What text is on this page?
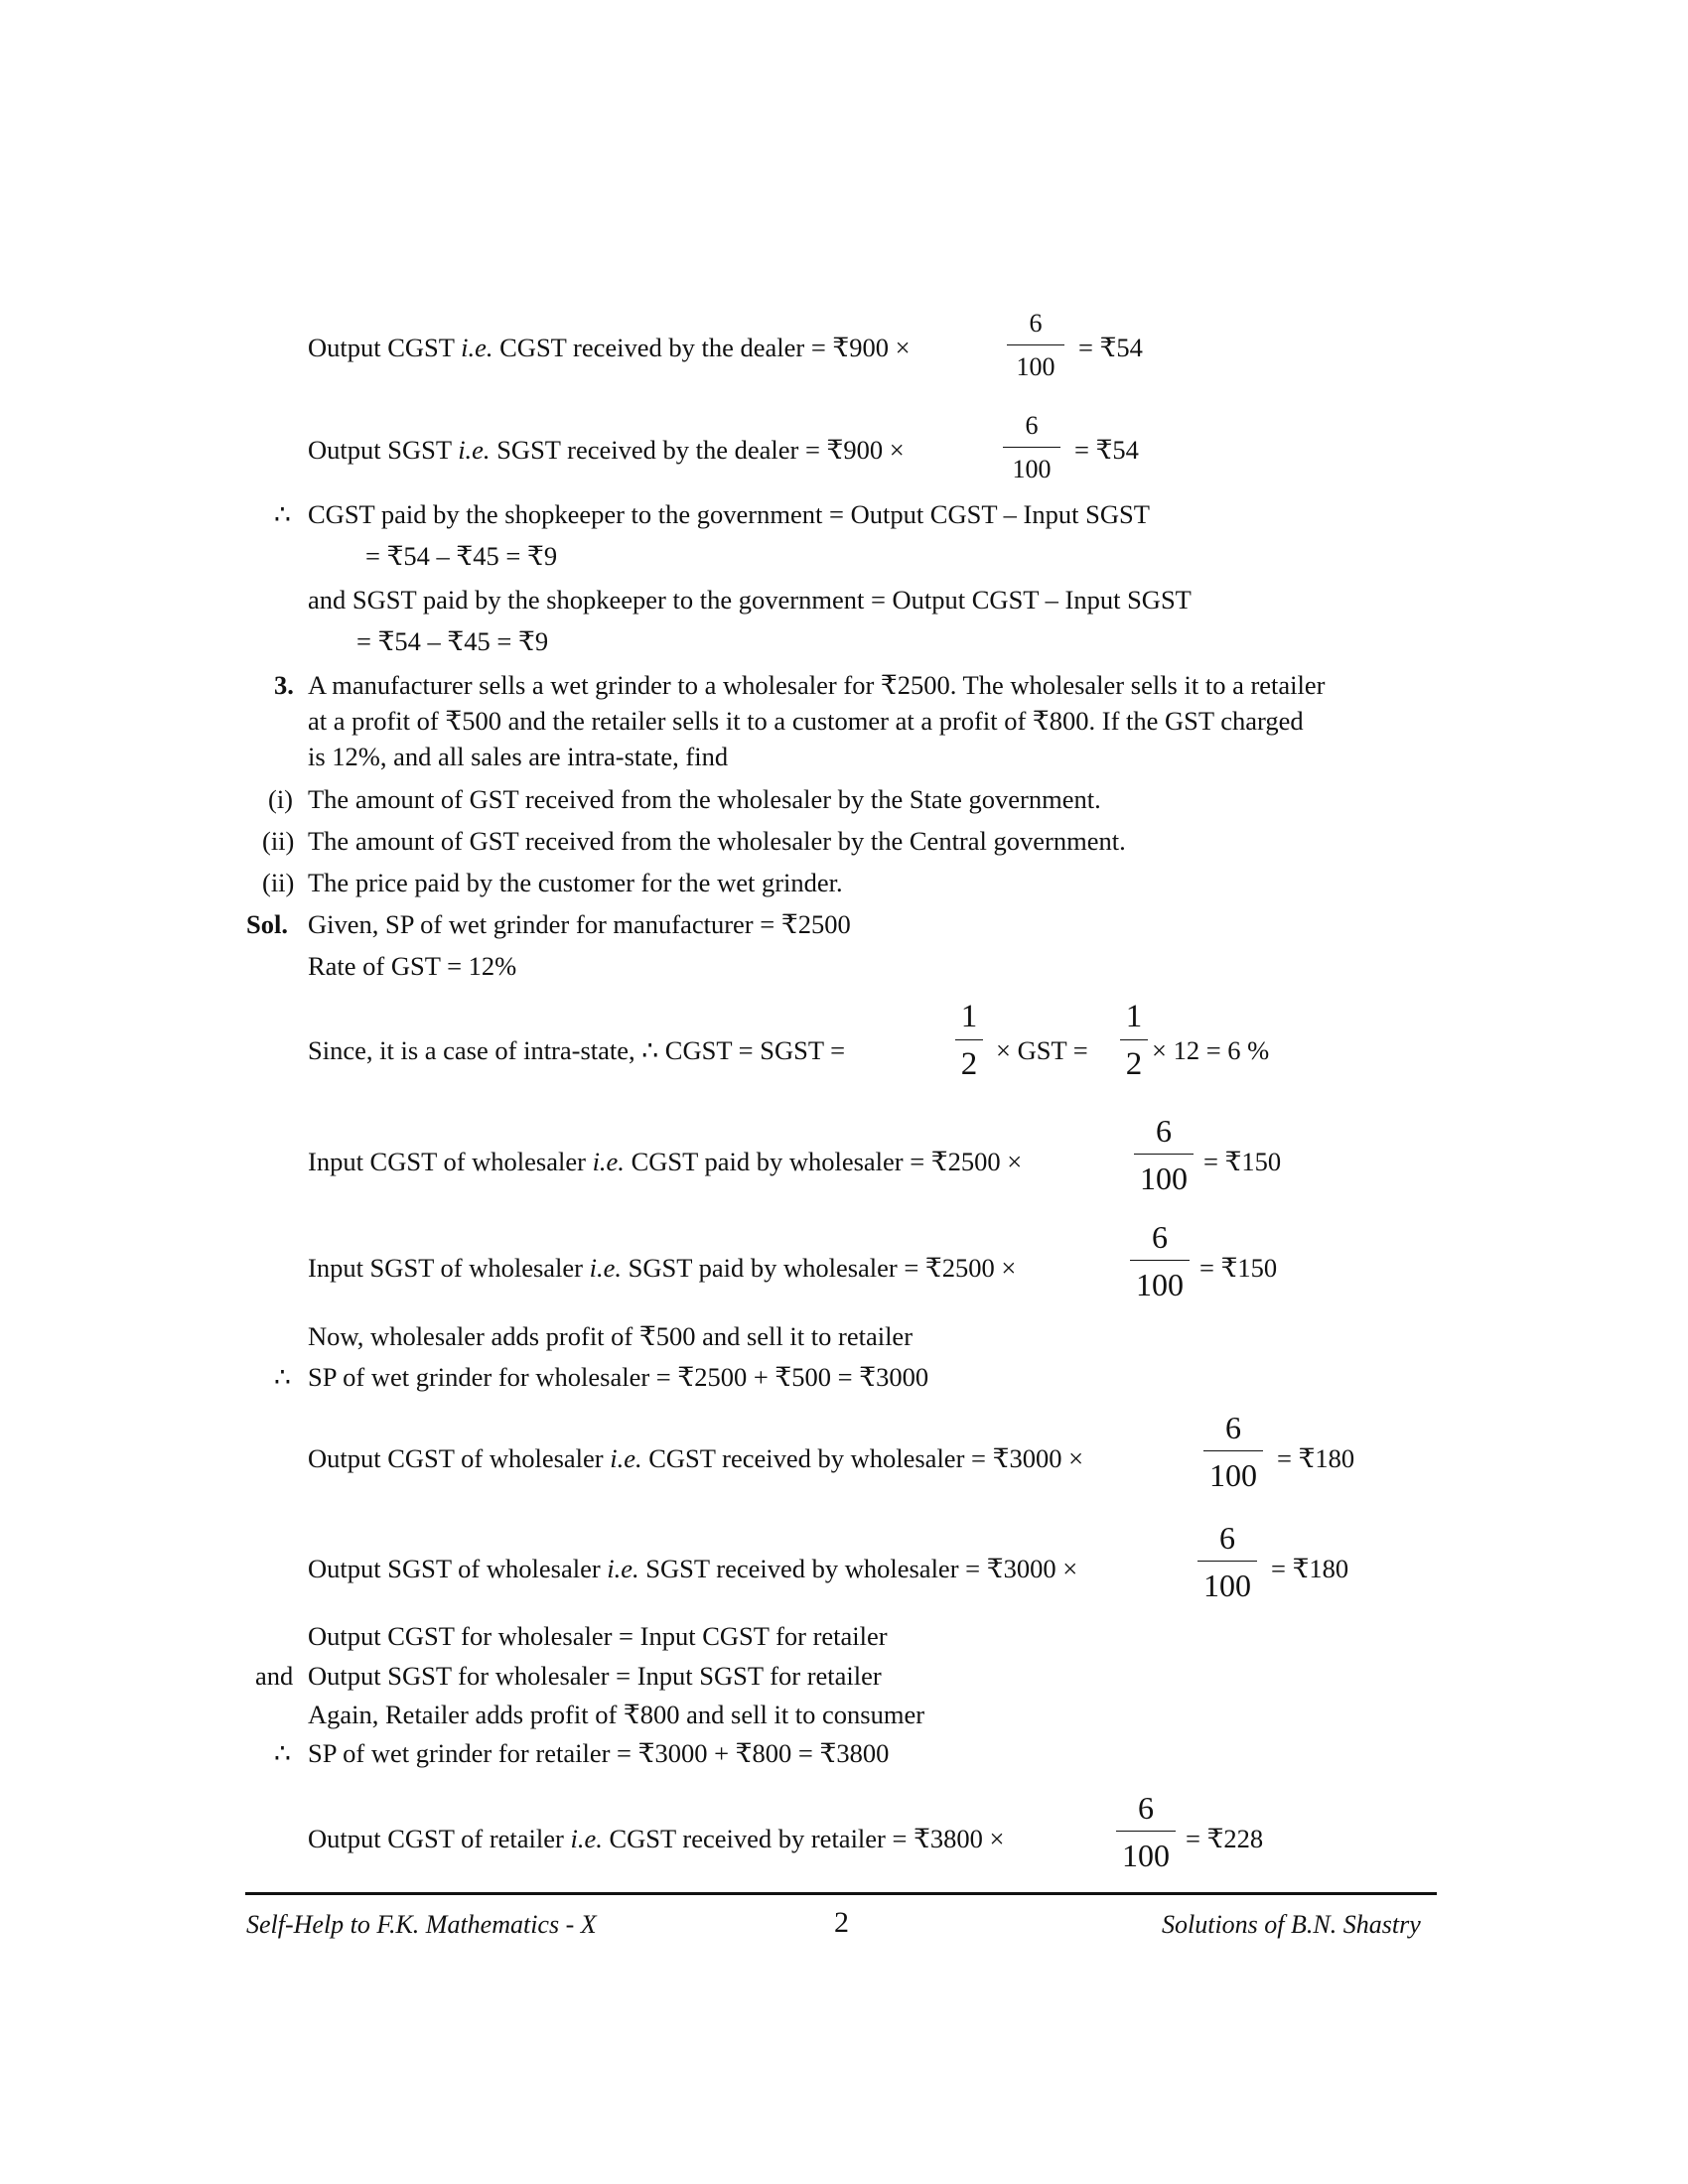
Output CGST i.e. CGST received by the dealer = ₹900 ×
6
100
= ₹54
Output SGST i.e. SGST received by the dealer = ₹900 ×
6
100
= ₹54
∴ CGST paid by the shopkeeper to the government = Output CGST – Input SGST
= ₹54 – ₹45 = ₹9
and SGST paid by the shopkeeper to the government = Output CGST – Input SGST
= ₹54 – ₹45 = ₹9
3. A manufacturer sells a wet grinder to a wholesaler for ₹2500. The wholesaler sells it to a retailer
at a profit of ₹500 and the retailer sells it to a customer at a profit of ₹800. If the GST charged
is 12%, and all sales are intra-state, find
(i) The amount of GST received from the wholesaler by the State government.
(ii) The amount of GST received from the wholesaler by the Central government.
(ii) The price paid by the customer for the wet grinder.
Sol. Given, SP of wet grinder for manufacturer = ₹2500
Rate of GST = 12%
Since, it is a case of intra-state, ∴ CGST = SGST =
1
2 × GST =
1
2 × 12 = 6 %
Input CGST of wholesaler i.e. CGST paid by wholesaler = ₹2500 ×
6
100 = ₹150
Input SGST of wholesaler i.e. SGST paid by wholesaler = ₹2500 ×
6
100 = ₹150
Now, wholesaler adds profit of ₹500 and sell it to retailer
∴ SP of wet grinder for wholesaler = ₹2500 + ₹500 = ₹3000
Output CGST of wholesaler i.e. CGST received by wholesaler = ₹3000 ×
6
100 = ₹180
Output SGST of wholesaler i.e. SGST received by wholesaler = ₹3000 ×
6
100 = ₹180
Output CGST for wholesaler = Input CGST for retailer
and Output SGST for wholesaler = Input SGST for retailer
Again, Retailer adds profit of ₹800 and sell it to consumer
∴ SP of wet grinder for retailer = ₹3000 + ₹800 = ₹3800
Output CGST of retailer i.e. CGST received by retailer = ₹3800 ×
6
100 = ₹228
Self-Help to F.K. Mathematics - X	2	Solutions of B.N. Shastry
